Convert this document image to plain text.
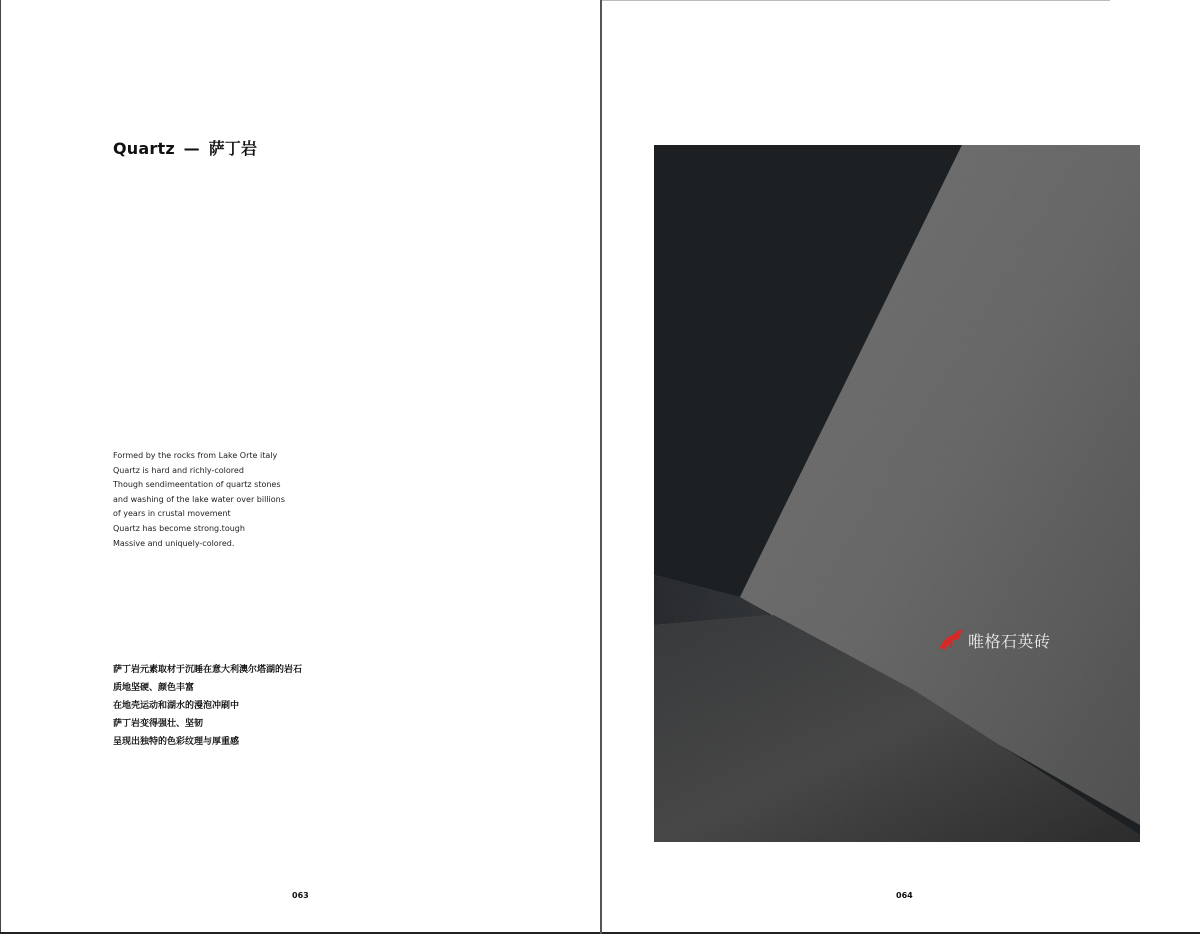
Quartz — 萨丁岩
Formed by the rocks from Lake Orte italy
Quartz is hard and richly-colored
Though sendimeentation of quartz stones
and washing of the lake water over billions
of years in crustal movement
Quartz has become strong.tough
Massive and uniquely-colored.
萨丁岩元素取材于沉睡在意大利澳尔塔湖的岩石
质地坚硬、颜色丰富
在地壳运动和湖水的漫泡冲刷中
萨丁岩变得强壮、坚韧
呈现出独特的色彩纹理与厚重感
063
唯格石英砖
064
